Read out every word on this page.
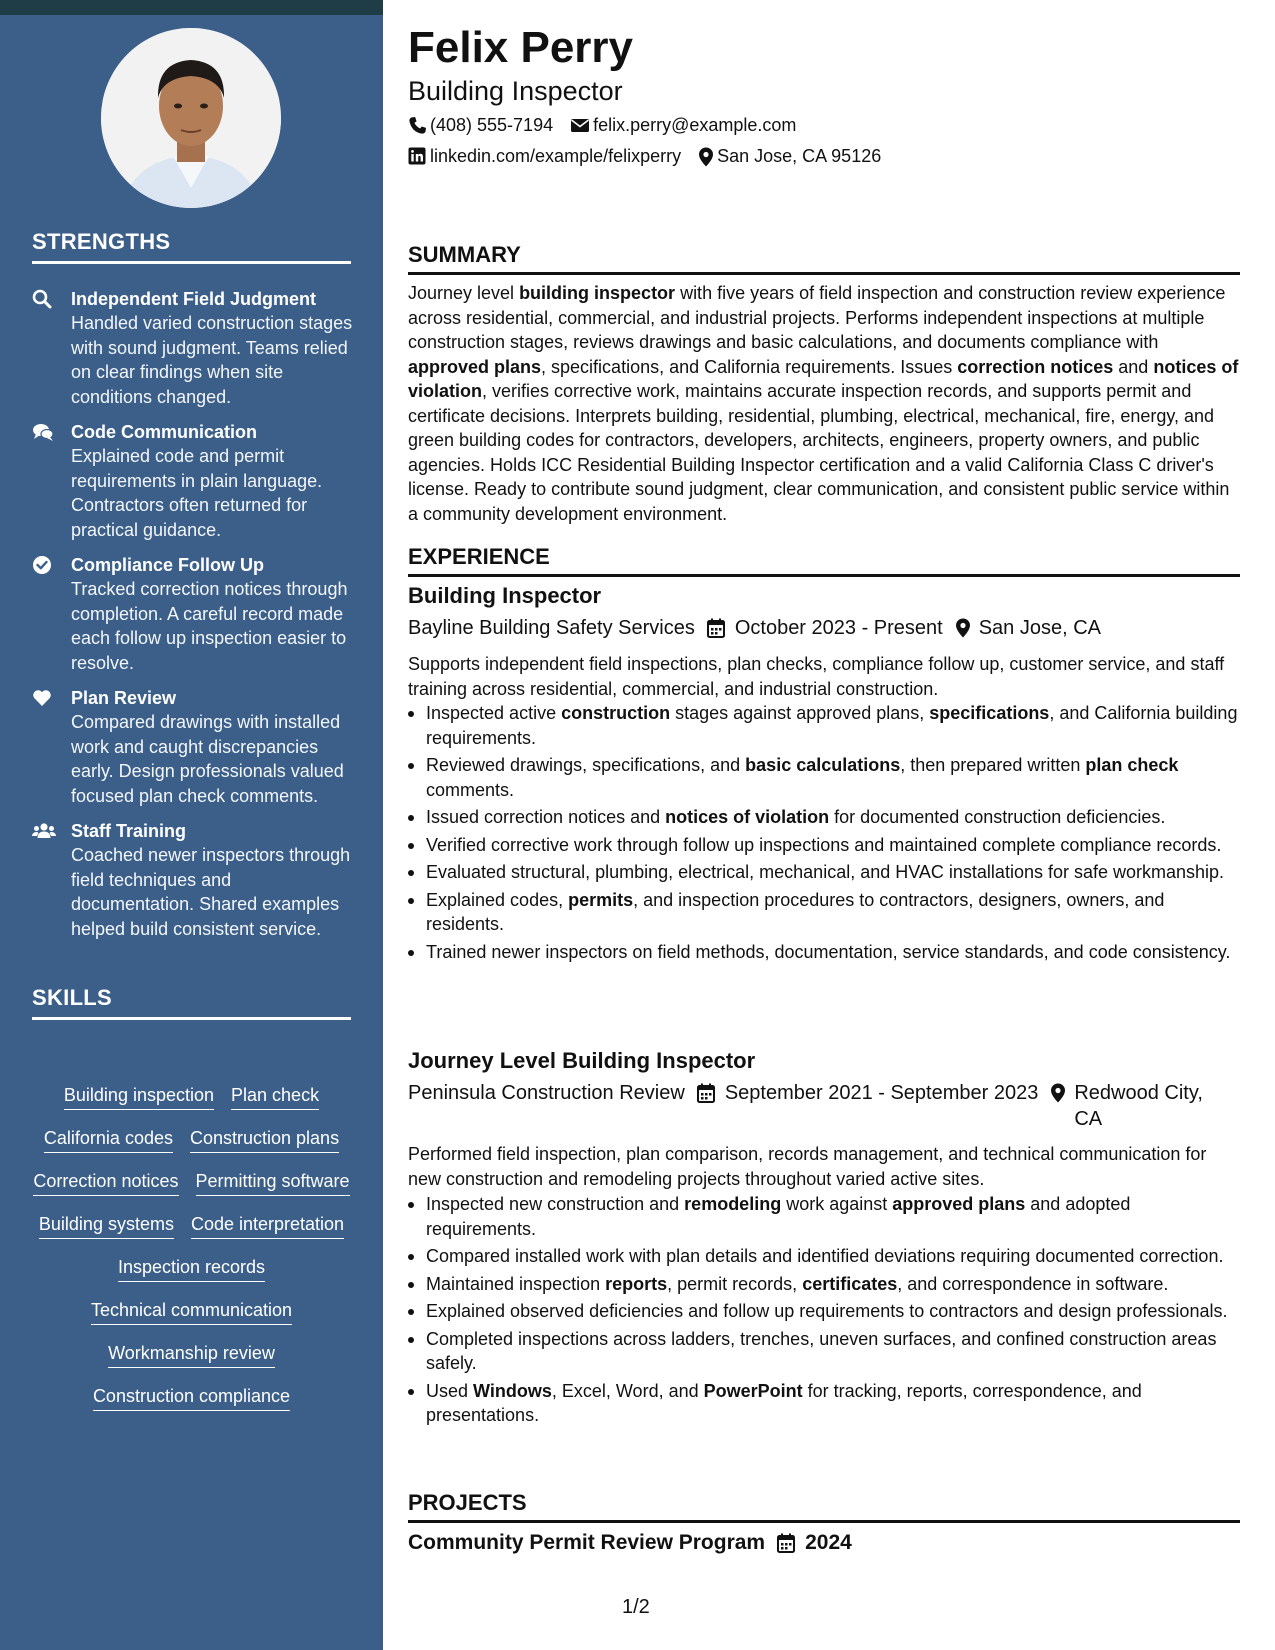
STRENGTHS
Independent Field Judgment
Handled varied construction stages with sound judgment. Teams relied on clear findings when site conditions changed.
Code Communication
Explained code and permit requirements in plain language. Contractors often returned for practical guidance.
Compliance Follow Up
Tracked correction notices through completion. A careful record made each follow up inspection easier to resolve.
Plan Review
Compared drawings with installed work and caught discrepancies early. Design professionals valued focused plan check comments.
Staff Training
Coached newer inspectors through field techniques and documentation. Shared examples helped build consistent service.
SKILLS
Building inspection Plan check
California codes Construction plans
Correction notices Permitting software
Building systems Code interpretation
Inspection records
Technical communication
Workmanship review
Construction compliance
Felix Perry
Building Inspector
(408) 555-7194 felix.perry@example.com
linkedin.com/example/felixperry San Jose, CA 95126
SUMMARY
Journey level building inspector with five years of field inspection and construction review experience across residential, commercial, and industrial projects. Performs independent inspections at multiple construction stages, reviews drawings and basic calculations, and documents compliance with approved plans, specifications, and California requirements. Issues correction notices and notices of violation, verifies corrective work, maintains accurate inspection records, and supports permit and certificate decisions. Interprets building, residential, plumbing, electrical, mechanical, fire, energy, and green building codes for contractors, developers, architects, engineers, property owners, and public agencies. Holds ICC Residential Building Inspector certification and a valid California Class C driver's license. Ready to contribute sound judgment, clear communication, and consistent public service within a community development environment.
EXPERIENCE
Building Inspector
Bayline Building Safety Services October 2023 - Present San Jose, CA
Supports independent field inspections, plan checks, compliance follow up, customer service, and staff training across residential, commercial, and industrial construction.
Inspected active construction stages against approved plans, specifications, and California building requirements.
Reviewed drawings, specifications, and basic calculations, then prepared written plan check comments.
Issued correction notices and notices of violation for documented construction deficiencies.
Verified corrective work through follow up inspections and maintained complete compliance records.
Evaluated structural, plumbing, electrical, mechanical, and HVAC installations for safe workmanship.
Explained codes, permits, and inspection procedures to contractors, designers, owners, and residents.
Trained newer inspectors on field methods, documentation, service standards, and code consistency.
Journey Level Building Inspector
Peninsula Construction Review September 2021 - September 2023 Redwood City, CA
Performed field inspection, plan comparison, records management, and technical communication for new construction and remodeling projects throughout varied active sites.
Inspected new construction and remodeling work against approved plans and adopted requirements.
Compared installed work with plan details and identified deviations requiring documented correction.
Maintained inspection reports, permit records, certificates, and correspondence in software.
Explained observed deficiencies and follow up requirements to contractors and design professionals.
Completed inspections across ladders, trenches, uneven surfaces, and confined construction areas safely.
Used Windows, Excel, Word, and PowerPoint for tracking, reports, correspondence, and presentations.
PROJECTS
Community Permit Review Program 2024
1/2
